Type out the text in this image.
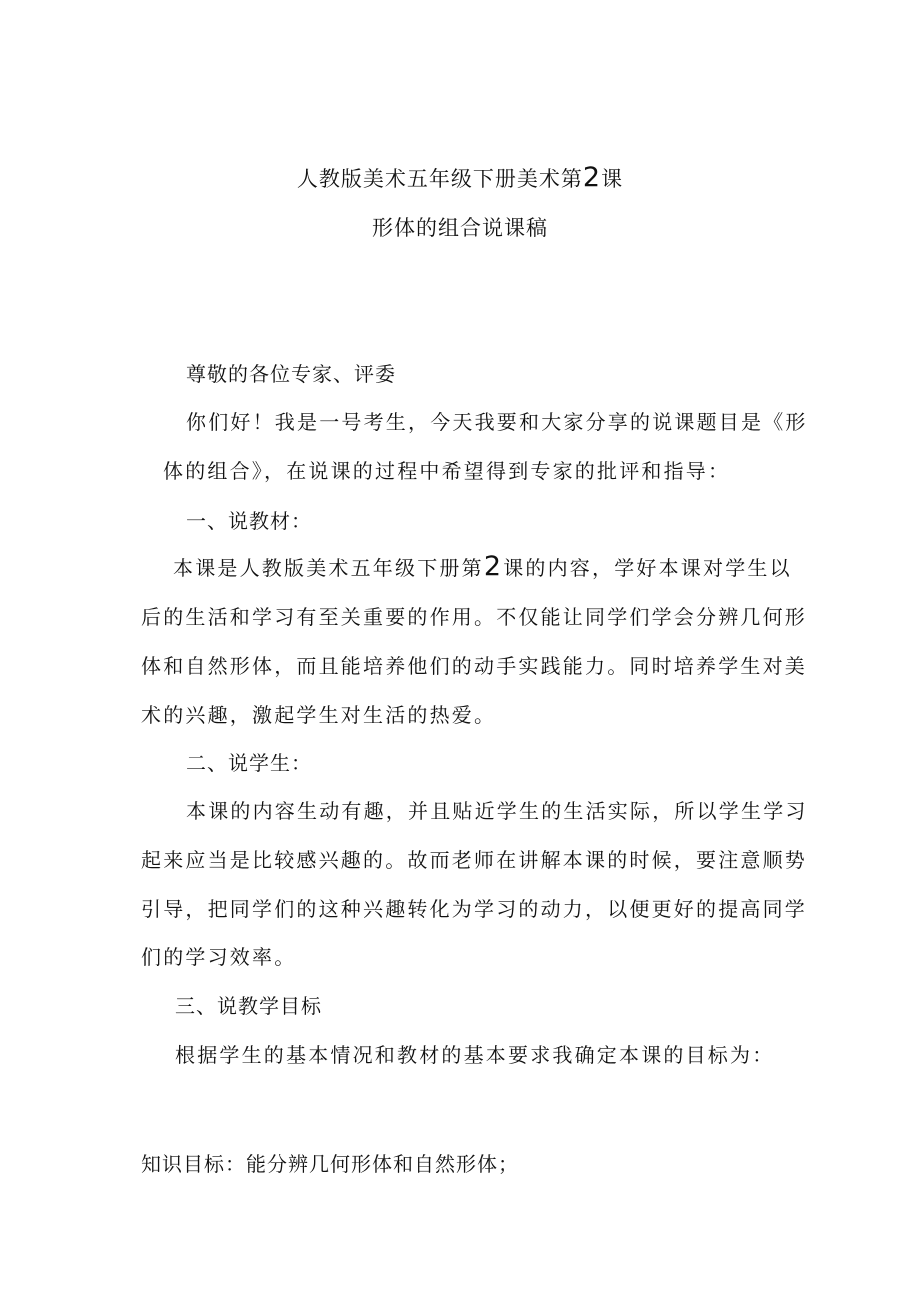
人教版美术五年级下册美术第2课
形体的组合说课稿
尊敬的各位专家、评委
你们好！我是一号考生，今天我要和大家分享的说课题目是《形
体的组合》，在说课的过程中希望得到专家的批评和指导：
一、说教材：
本课是人教版美术五年级下册第2课的内容，学好本课对学生以
后的生活和学习有至关重要的作用。不仅能让同学们学会分辨几何形
体和自然形体，而且能培养他们的动手实践能力。同时培养学生对美
术的兴趣，激起学生对生活的热爱。
二、说学生：
本课的内容生动有趣，并且贴近学生的生活实际，所以学生学习
起来应当是比较感兴趣的。故而老师在讲解本课的时候，要注意顺势
引导，把同学们的这种兴趣转化为学习的动力，以便更好的提高同学
们的学习效率。
三、说教学目标
根据学生的基本情况和教材的基本要求我确定本课的目标为：
知识目标：能分辨几何形体和自然形体；
